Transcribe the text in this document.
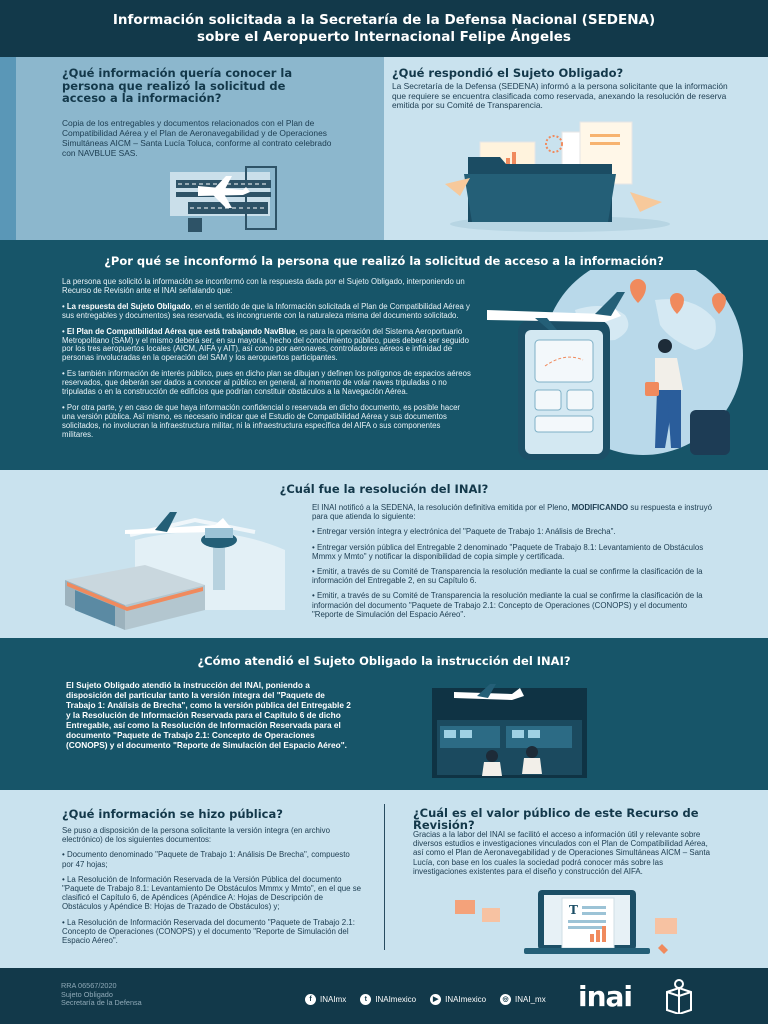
Información solicitada a la Secretaría de la Defensa Nacional (SEDENA)
sobre el Aeropuerto Internacional Felipe Ángeles
¿Qué información quería conocer la persona que realizó la solicitud de acceso a la información?
Copia de los entregables y documentos relacionados con el Plan de Compatibilidad Aérea y el Plan de Aeronavegabilidad y de Operaciones Simultáneas AICM – Santa Lucía Toluca, conforme al contrato celebrado con NAVBLUE SAS.
¿Qué respondió el Sujeto Obligado?
La Secretaría de la Defensa (SEDENA) informó a la persona solicitante que la información que requiere se encuentra clasificada como reservada, anexando la resolución de reserva emitida por su Comité de Transparencia.
¿Por qué se inconformó la persona que realizó la solicitud de acceso a la información?

La persona que solicitó la información se inconformó con la respuesta dada por el Sujeto Obligado, interponiendo un Recurso de Revisión ante el INAI señalando que:

• La respuesta del Sujeto Obligado, en el sentido de que la Información solicitada el Plan de Compatibilidad Aérea y sus entregables y documentos) sea reservada, es incongruente con la naturaleza misma del documento solicitado.

• El Plan de Compatibilidad Aérea que está trabajando NavBlue, es para la operación del Sistema Aeroportuario Metropolitano (SAM) y el mismo deberá ser, en su mayoría, hecho del conocimiento público, pues deberá ser seguido por los tres aeropuertos locales (AICM, AIFA y AIT), así como por aeronaves, controladores aéreos e infinidad de personas involucradas en la operación del SAM y los aeropuertos participantes.

• Es también información de interés público, pues en dicho plan se dibujan y definen los polígonos de espacios aéreos reservados, que deberán ser dados a conocer al público en general, al momento de volar naves tripuladas o no tripuladas o en la construcción de edificios que podrían constituir obstáculos a la Navegación Aérea.

• Por otra parte, y en caso de que haya información confidencial o reservada en dicho documento, es posible hacer una versión pública. Así mismo, es necesario indicar que el Estudio de Compatibilidad Aérea y sus documentos solicitados, no involucran la infraestructura militar, ni la infraestructura específica del AIFA o sus componentes militares.

¿Cuál fue la resolución del INAI?

El INAI notificó a la SEDENA, la resolución definitiva emitida por el Pleno, MODIFICANDO su respuesta e instruyó para que atienda lo siguiente:

• Entregar versión íntegra y electrónica del "Paquete de Trabajo 1: Análisis de Brecha".

• Entregar versión pública del Entregable 2 denominado "Paquete de Trabajo 8.1: Levantamiento de Obstáculos Mmmx y Mmto" y notificar la disponibilidad de copia simple y certificada.

• Emitir, a través de su Comité de Transparencia la resolución mediante la cual se confirme la clasificación de la información del Entregable 2, en su Capítulo 6.

• Emitir, a través de su Comité de Transparencia la resolución mediante la cual se confirme la clasificación de la información del documento "Paquete de Trabajo 2.1: Concepto de Operaciones (CONOPS) y el documento "Reporte de Simulación del Espacio Aéreo".

¿Cómo atendió el Sujeto Obligado la instrucción del INAI?
El Sujeto Obligado atendió la instrucción del INAI, poniendo a disposición del particular tanto la versión íntegra del "Paquete de Trabajo 1: Análisis de Brecha", como la versión pública del Entregable 2 y la Resolución de Información Reservada para el Capítulo 6 de dicho Entregable, así como la Resolución de Información Reservada para el documento "Paquete de Trabajo 2.1: Concepto de Operaciones (CONOPS) y el documento "Reporte de Simulación del Espacio Aéreo".
¿Qué información se hizo pública?

Se puso a disposición de la persona solicitante la versión íntegra (en archivo electrónico) de los siguientes documentos:

• Documento denominado "Paquete de Trabajo 1: Análisis De Brecha", compuesto por 47 hojas;

• La Resolución de Información Reservada de la Versión Pública del documento "Paquete de Trabajo 8.1: Levantamiento De Obstáculos Mmmx y Mmto", en el que se clasificó el Capítulo 6, de Apéndices (Apéndice A: Hojas de Descripción de Obstáculos y Apéndice B: Hojas de Trazado de Obstáculos) y;

• La Resolución de Información Reservada del documento "Paquete de Trabajo 2.1: Concepto de Operaciones (CONOPS) y el documento "Reporte de Simulación del Espacio Aéreo".

¿Cuál es el valor público de este Recurso de Revisión?
Gracias a la labor del INAI se facilitó el acceso a información útil y relevante sobre diversos estudios e investigaciones vinculados con el Plan de Compatibilidad Aérea, así como el Plan de Aeronavegabilidad y de Operaciones Simultáneas AICM – Santa Lucía, con base en los cuales la sociedad podrá conocer más sobre las investigaciones existentes para el diseño y construcción del AIFA.
T
RRA 06567/2020
Sujeto Obligado
Secretaría de la Defensa	f	INAImx	t	INAImexico	▶ INAImexico	◎ INAI_mx inai
